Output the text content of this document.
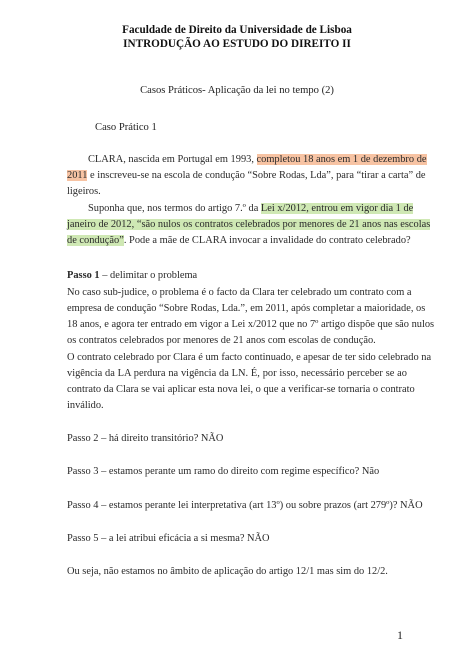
Faculdade de Direito da Universidade de Lisboa
INTRODUÇÃO AO ESTUDO DO DIREITO II
Casos Práticos- Aplicação da lei no tempo (2)
Caso Prático 1
CLARA, nascida em Portugal em 1993, completou 18 anos em 1 de dezembro de
2011 e inscreveu-se na escola de condução “Sobre Rodas, Lda”, para “tirar a carta” de
ligeiros.
Suponha que, nos termos do artigo 7.º da Lei x/2012, entrou em vigor dia 1 de
janeiro de 2012, “são nulos os contratos celebrados por menores de 21 anos nas escolas
de condução”. Pode a mãe de CLARA invocar a invalidade do contrato celebrado?
Passo 1 – delimitar o problema
No caso sub-judice, o problema é o facto da Clara ter celebrado um contrato com a
empresa de condução “Sobre Rodas, Lda.”, em 2011, após completar a maioridade, os
18 anos, e agora ter entrado em vigor a Lei x/2012 que no 7º artigo dispõe que são nulos
os contratos celebrados por menores de 21 anos com escolas de condução.
O contrato celebrado por Clara é um facto continuado, e apesar de ter sido celebrado na
vigência da LA perdura na vigência da LN. É, por isso, necessário perceber se ao
contrato da Clara se vai aplicar esta nova lei, o que a verificar-se tornaria o contrato
inválido.
Passo 2 – há direito transitório? NÃO
Passo 3 – estamos perante um ramo do direito com regime específico? Não
Passo 4 – estamos perante lei interpretativa (art 13º) ou sobre prazos (art 279º)? NÃO
Passo 5 – a lei atribui eficácia a si mesma? NÃO
Ou seja, não estamos no âmbito de aplicação do artigo 12/1 mas sim do 12/2.
1
